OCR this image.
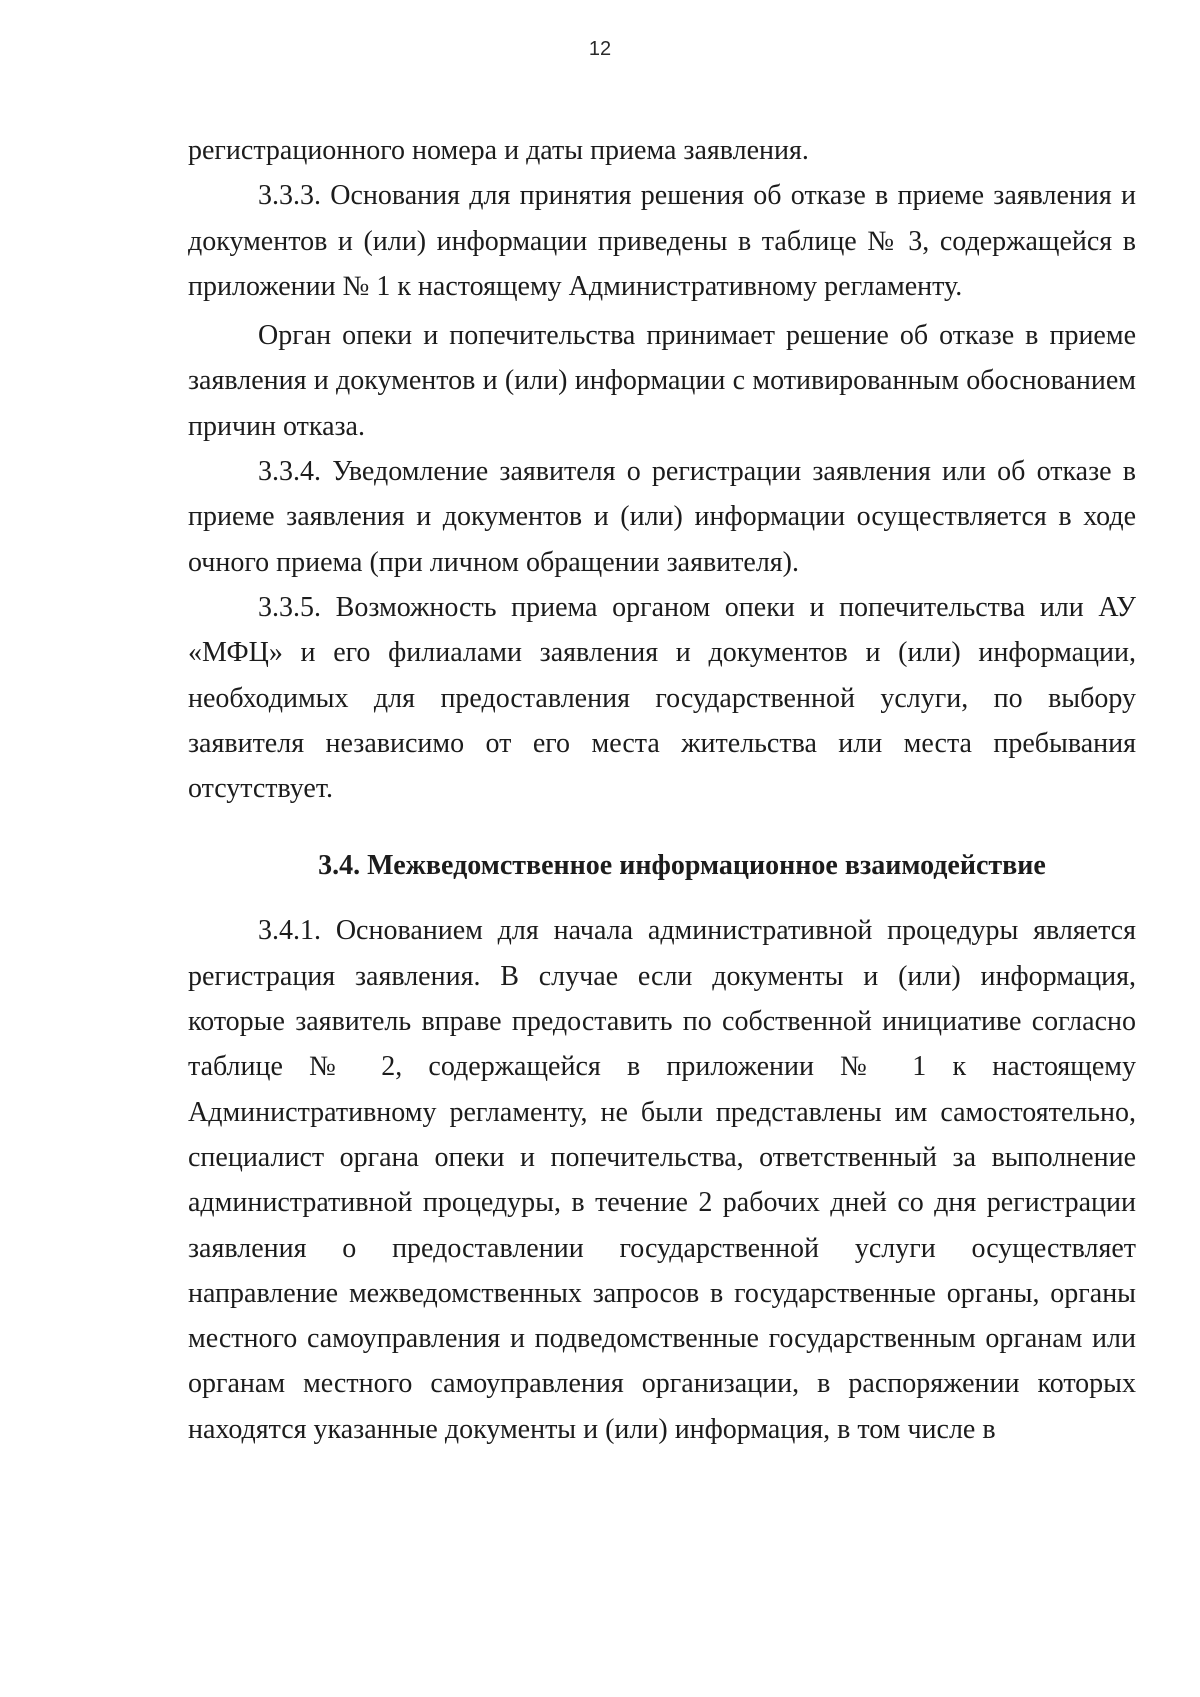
12

регистрационного номера и даты приема заявления.

3.3.3. Основания для принятия решения об отказе в приеме заявления и документов и (или) информации приведены в таблице № 3, содержащейся в приложении № 1 к настоящему Административному регламенту.

Орган опеки и попечительства принимает решение об отказе в приеме заявления и документов и (или) информации с мотивированным обоснованием причин отказа.

3.3.4. Уведомление заявителя о регистрации заявления или об отказе в приеме заявления и документов и (или) информации осуществляется в ходе очного приема (при личном обращении заявителя).

3.3.5. Возможность приема органом опеки и попечительства или АУ «МФЦ» и его филиалами заявления и документов и (или) информации, необходимых для предоставления государственной услуги, по выбору заявителя независимо от его места жительства или места пребывания отсутствует.

3.4. Межведомственное информационное взаимодействие

3.4.1. Основанием для начала административной процедуры является регистрация заявления. В случае если документы и (или) информация, которые заявитель вправе предоставить по собственной инициативе согласно таблице № 2, содержащейся в приложении № 1 к настоящему Административному регламенту, не были представлены им самостоятельно, специалист органа опеки и попечительства, ответственный за выполнение административной процедуры, в течение 2 рабочих дней со дня регистрации заявления о предоставлении государственной услуги осуществляет направление межведомственных запросов в государственные органы, органы местного самоуправления и подведомственные государственным органам или органам местного самоуправления организации, в распоряжении которых находятся указанные документы и (или) информация, в том числе в
